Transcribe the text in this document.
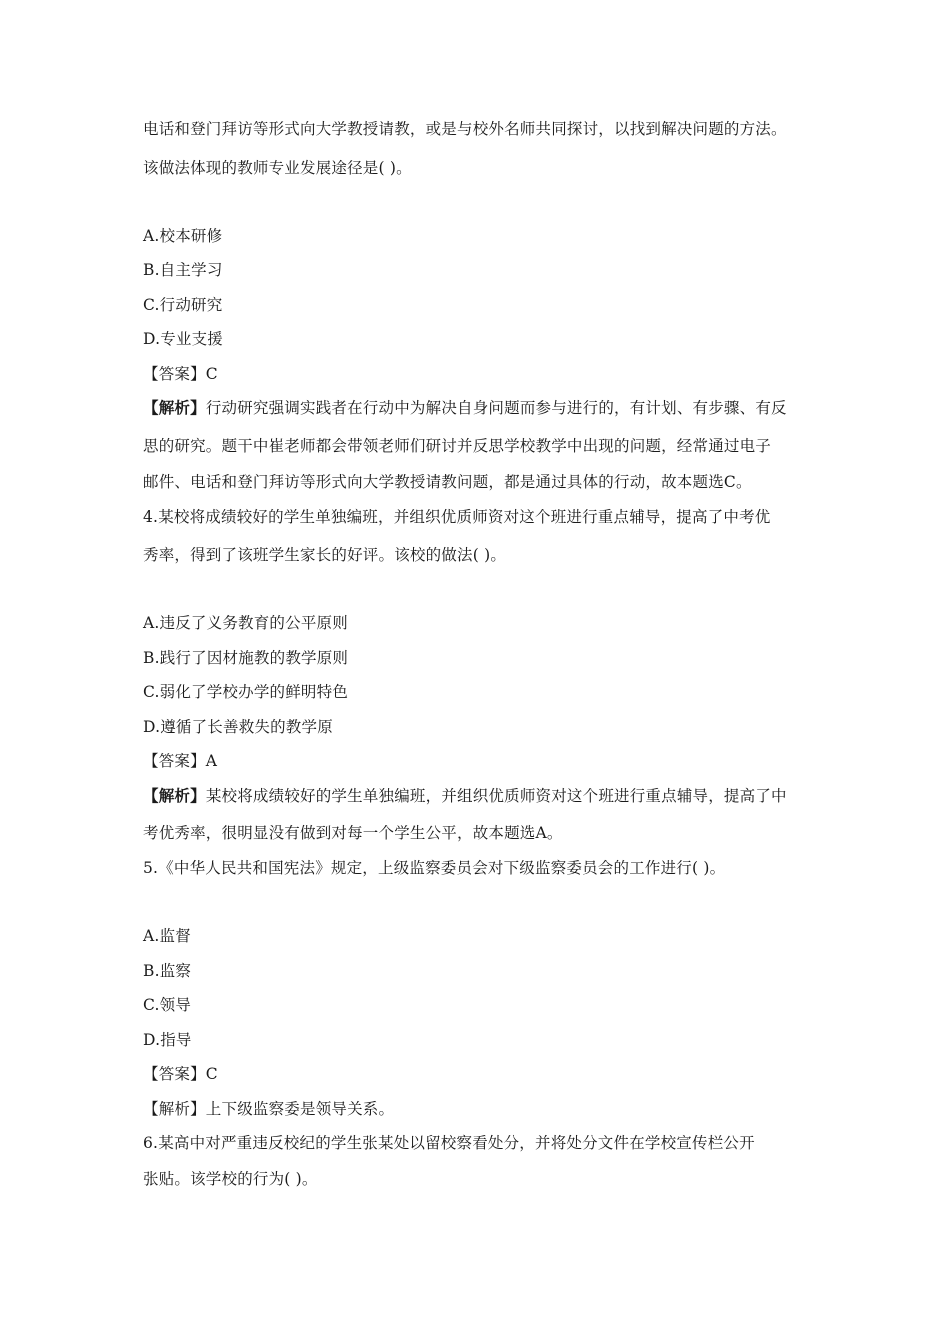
电话和登门拜访等形式向大学教授请教，或是与校外名师共同探讨，以找到解决问题的方法。
该做法体现的教师专业发展途径是( )。
A.校本研修
B.自主学习
C.行动研究
D.专业支援
【答案】C
【解析】行动研究强调实践者在行动中为解决自身问题而参与进行的，有计划、有步骤、有反
思的研究。题干中崔老师都会带领老师们研讨并反思学校教学中出现的问题，经常通过电子
邮件、电话和登门拜访等形式向大学教授请教问题，都是通过具体的行动，故本题选C。
4.某校将成绩较好的学生单独编班，并组织优质师资对这个班进行重点辅导，提高了中考优
秀率，得到了该班学生家长的好评。该校的做法( )。
A.违反了义务教育的公平原则
B.践行了因材施教的教学原则
C.弱化了学校办学的鲜明特色
D.遵循了长善救失的教学原
【答案】A
【解析】某校将成绩较好的学生单独编班，并组织优质师资对这个班进行重点辅导，提高了中
考优秀率，很明显没有做到对每一个学生公平，故本题选A。
5.《中华人民共和国宪法》规定，上级监察委员会对下级监察委员会的工作进行( )。
A.监督
B.监察
C.领导
D.指导
【答案】C
【解析】上下级监察委是领导关系。
6.某高中对严重违反校纪的学生张某处以留校察看处分，并将处分文件在学校宣传栏公开
张贴。该学校的行为( )。
